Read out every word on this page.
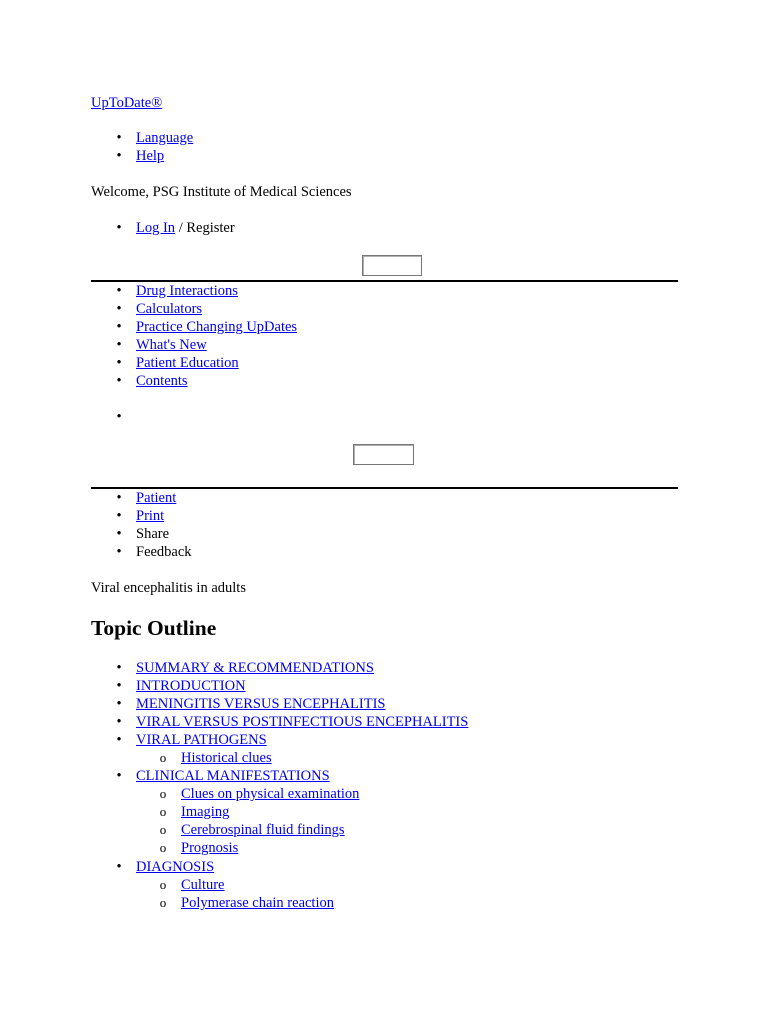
UpToDate®
• Language
• Help
Welcome, PSG Institute of Medical Sciences
• Log In / Register
• Drug Interactions
• Calculators
• Practice Changing UpDates
• What's New
• Patient Education
• Contents
•
• Patient
• Print
• Share
• Feedback
Viral encephalitis in adults
Topic Outline
• SUMMARY & RECOMMENDATIONS
• INTRODUCTION
• MENINGITIS VERSUS ENCEPHALITIS
• VIRAL VERSUS POSTINFECTIOUS ENCEPHALITIS
• VIRAL PATHOGENS
o Historical clues
• CLINICAL MANIFESTATIONS
o Clues on physical examination
o Imaging
o Cerebrospinal fluid findings
o Prognosis
• DIAGNOSIS
o Culture
o Polymerase chain reaction
